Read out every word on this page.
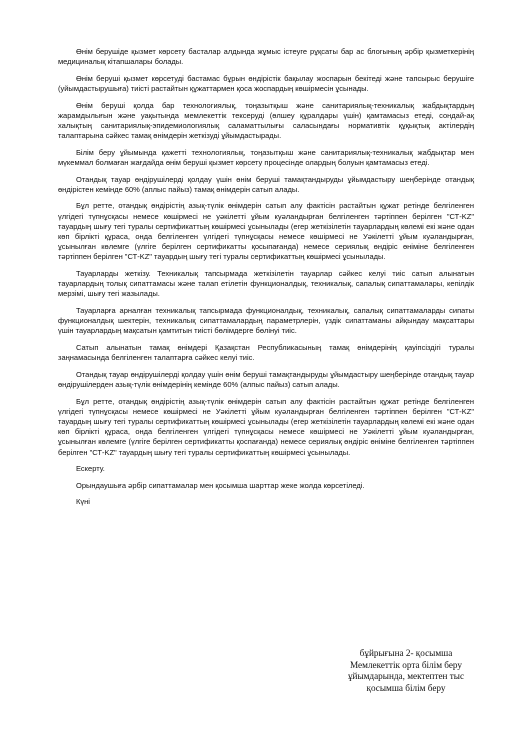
Өнім берушіде қызмет көрсету басталар алдында жұмыс істеуге рұқсаты бар ас блогының әрбір қызметкерінің медициналық кітапшалары болады.

Өнім беруші қызмет көрсетуді бастамас бұрын өндірістік бақылау жоспарын бекітеді және тапсырыс берушіге (уйымдастырушыға) тиісті растайтын құжаттармен қоса жоспардың көшірмесін ұсынады.

Өнім беруші қолда бар технологиялық, тоңазытқыш және санитариялық-техникалық жабдықтардың жарамдылығын және уақытында мемлекеттік тексеруді (өлшеу құралдары үшін) қамтамасыз етеді, сондай-ақ халықтың санитариялық-эпидемиологиялық саламаттылығы саласындағы нормативтік құқықтық актілердің талаптарына сәйкес тамақ өнімдерін жеткізуді ұйымдастырады.

Білім беру ұйымында қажетті технологиялық, тоңазытқыш және санитариялық-техникалық жабдықтар мен мүкеммал болмаған жағдайда өнім беруші қызмет көрсету процесінде олардың болуын қамтамасыз етеді.

Отандық тауар өндірушілерді қолдау үшін өнім беруші тамақтандыруды ұйымдастыру шеңберінде отандық өндірістен кемінде 60% (аплыс пайыз) тамақ өнімдерін сатып алады.

Бұл ретте, отандық өндірістің азық-түлік өнімдерін сатып алу фактісін растайтын құжат ретінде белгіленген үлгідегі түпнұсқасы немесе көшірмесі не уәкілетті ұйым куәландырған белгіленген тәртіппен берілген "СТ-KZ" тауардың шығу тегі туралы сертификаттың көшірмесі ұсынылады (егер жеткізілетін тауарлардың көлемі екі және одан көп бірлікті құраса, онда белгіленген үлгідегі түпнұсқасы немесе көшірмесі не Уәкілетті ұйым куәландырған, ұсынылған көлемге (үлгіге берілген сертификатты қосыпағанда) немесе сериялық өндіріс өніміне белгіленген тәртіппен берілген "СТ-KZ" тауардың шығу тегі туралы сертификаттың көшірмесі ұсынылады.

Тауарларды жеткізу. Техникалық тапсырмада жеткізілетін тауарлар сәйкес келуі тиіс сатып алынатын тауарлардың толық сипаттамасы және талап етілетін функционалдық, техникалық, сапалық сипаттамалары, кепілдік мерзімі, шығу тегі жазылады.

Тауарларға арналған техникалық тапсырмада функционалдық, техникалық, сапалық сипаттамаларды сипаты функционалдық шектерін, техникалық сипаттамалардың параметрлерін, үздік сипаттаманы айқындау мақсаттары үшін тауарлардың мақсатын қамтитын тиісті бөлімдерге бөлінуі тиіс.

Сатып алынатын тамақ өнімдері Қазақстан Республикасының тамақ өнімдерінің қауіпсіздігі туралы заңнамасында белгіленген талаптарға сәйкес келуі тиіс.

Отандық тауар өндірушілерді қолдау үшін өнім беруші тамақтандыруды ұйымдастыру шеңберінде отандық тауар өндірушілерден азық-түлік өнімдерінің кемінде 60% (алпыс пайыз) сатып алады.

Бұл ретте, отандық өндірістің азық-түлік өнімдерін сатып алу фактісін растайтын құжат ретінде белгіленген үлгідегі түпнұсқасы немесе көшірмесі не Уәкілетті ұйым куәландырған белгіленген тәртіппен берілген "СТ-KZ" тауардың шығу тегі туралы сертификаттың көшірмесі ұсынылады (егер жеткізілетін тауарлардың көлемі екі және одан көп бірлікті құраса, онда белгіленген үлгідегі түпнұсқасы немесе көшірмесі не Уәкілетті ұйым куәландырған, ұсынылған көлемге (үлгіге берілген сертификатты қоспағанда) немесе сериялық өндіріс өніміне белгіленген тәртіппен берілген "СТ-KZ" тауардың шығу тегі туралы сертификаттың көшірмесі ұсынылады.

Ескерту.

Орындаушыға әрбір сипаттамалар мен қосымша шарттар жеке жолда көрсетіледі.

Күні

бұйрығына 2- қосымша
Мемлекеттік орта білім беру
ұйымдарында, мектептен тыс
қосымша білім беру
